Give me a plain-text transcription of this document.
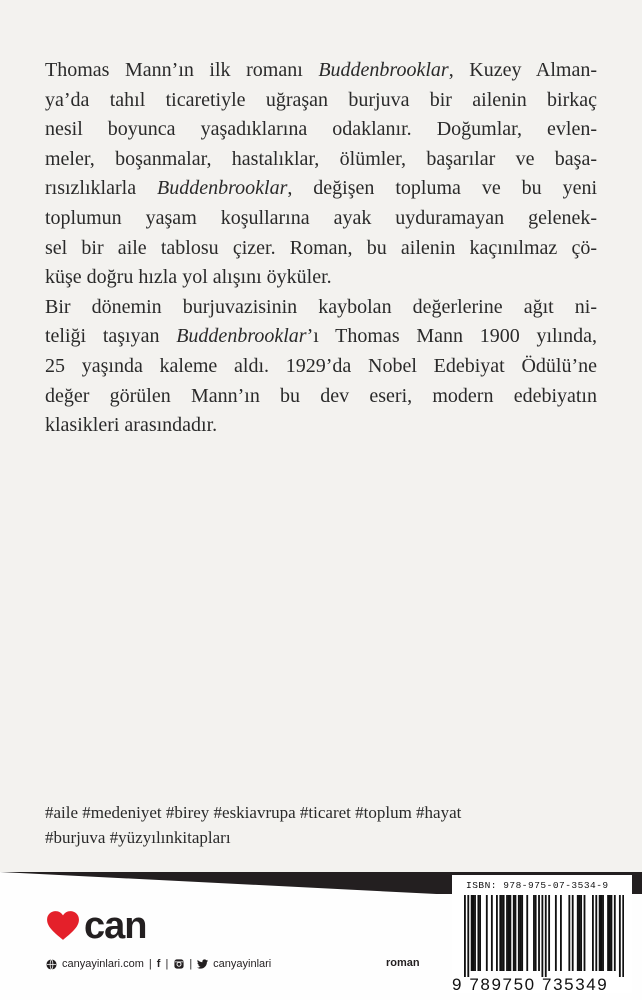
Thomas Mann’ın ilk romanı Buddenbrooklar, Kuzey Alman-
ya’da tahıl ticaretiyle uğraşan burjuva bir ailenin birkaç
nesil boyunca yaşadıklarına odaklanır. Doğumlar, evlen-
meler, boşanmalar, hastalıklar, ölümler, başarılar ve başa-
rısızlıklarla Buddenbrooklar, değişen topluma ve bu yeni
toplumun yaşam koşullarına ayak uyduramayan gelenek-
sel bir aile tablosu çizer. Roman, bu ailenin kaçınılmaz çö-
küşe doğru hızla yol alışını öyküler.
Bir dönemin burjuvazisinin kaybolan değerlerine ağıt ni-
teliği taşıyan Buddenbrooklar’ı Thomas Mann 1900 yılında,
25 yaşında kaleme aldı. 1929’da Nobel Edebiyat Ödülü’ne
değer görülen Mann’ın bu dev eseri, modern edebiyatın
klasikleri arasındadır.
#aile #medeniyet #birey #eskiavrupa #ticaret #toplum #hayat
#burjuva #yüzyılınkitapları
can
canyayinlari.com | f | | canyayinlari	roman
ISBN: 978-975-07-3534-9
9 789750 735349
